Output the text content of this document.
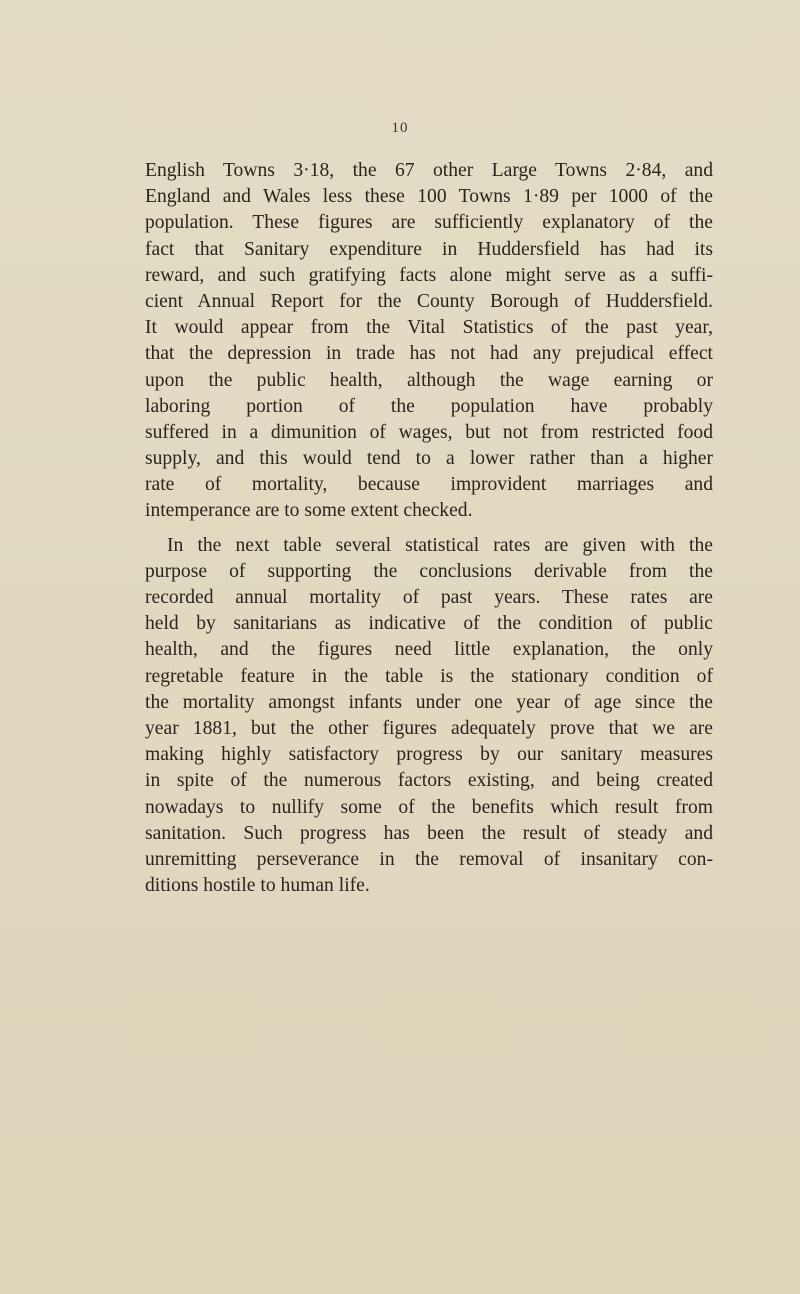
10
English Towns 3·18, the 67 other Large Towns 2·84, and
England and Wales less these 100 Towns 1·89 per 1000 of the
population. These figures are sufficiently explanatory of the
fact that Sanitary expenditure in Huddersfield has had its
reward, and such gratifying facts alone might serve as a suffi-
cient Annual Report for the County Borough of Huddersfield.
It would appear from the Vital Statistics of the past year,
that the depression in trade has not had any prejudical effect
upon the public health, although the wage earning or
laboring portion of the population have probably
suffered in a dimunition of wages, but not from restricted food
supply, and this would tend to a lower rather than a higher
rate of mortality, because improvident marriages and
intemperance are to some extent checked.
In the next table several statistical rates are given with the
purpose of supporting the conclusions derivable from the
recorded annual mortality of past years. These rates are
held by sanitarians as indicative of the condition of public
health, and the figures need little explanation, the only
regretable feature in the table is the stationary condition of
the mortality amongst infants under one year of age since the
year 1881, but the other figures adequately prove that we are
making highly satisfactory progress by our sanitary measures
in spite of the numerous factors existing, and being created
nowadays to nullify some of the benefits which result from
sanitation. Such progress has been the result of steady and
unremitting perseverance in the removal of insanitary con-
ditions hostile to human life.
